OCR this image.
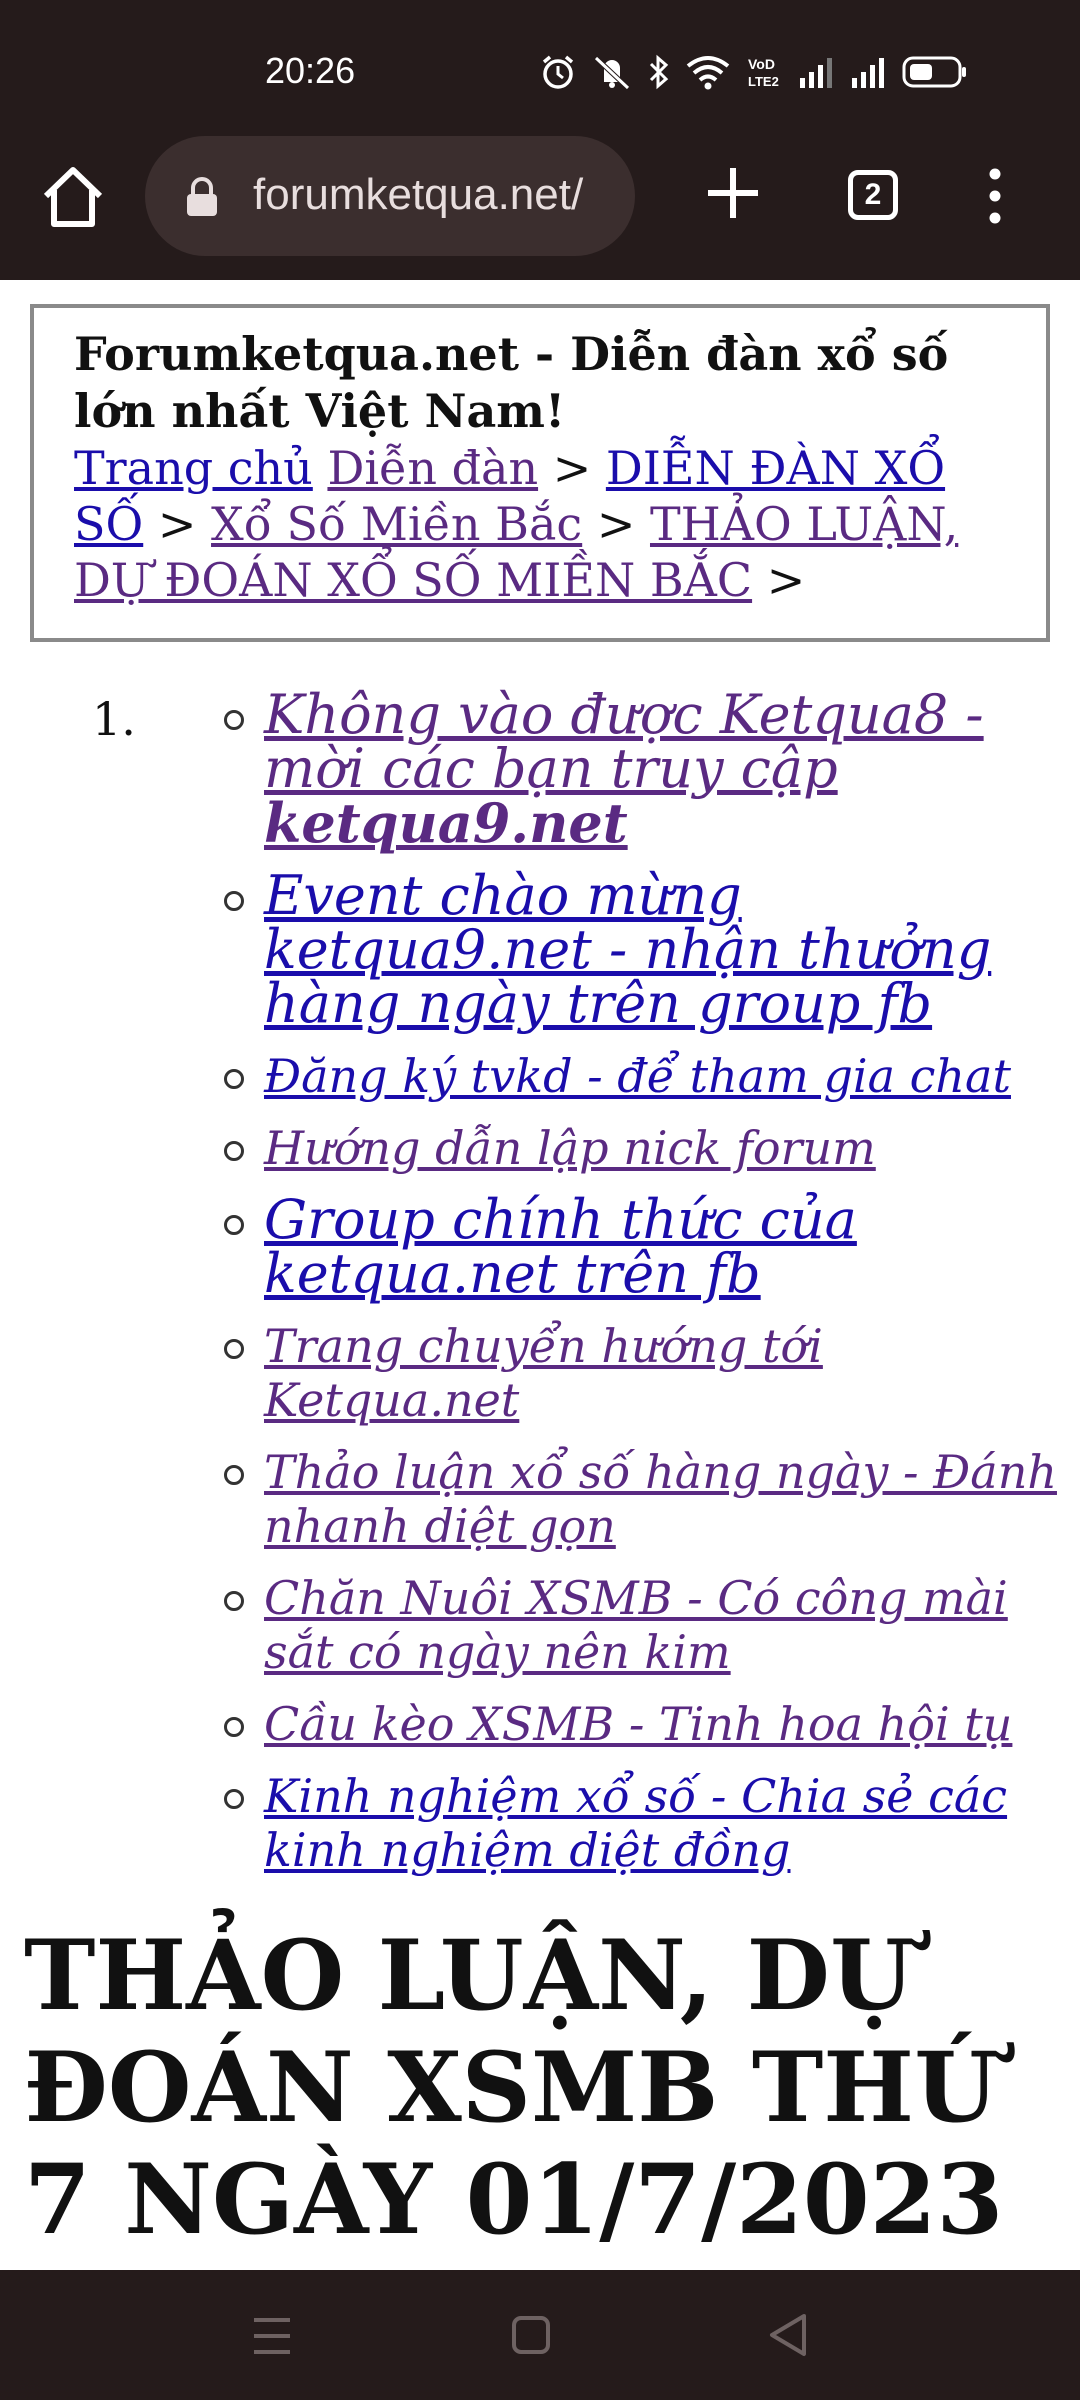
20:26	VoD
LTE2
forumketqua.net/	2

Forumketqua.net - Diễn đàn xổ số lớn nhất Việt Nam!

Trang chủ Diễn đàn > DIỄN ĐÀN XỔ SỐ > Xổ Số Miền Bắc > THẢO LUẬN, DỰ ĐOÁN XỔ SỐ MIỀN BẮC >
1. Không vào được Ketqua8 - mời các bạn truy cập ketqua9.net
Event chào mừng ketqua9.net - nhận thưởng hàng ngày trên group fb
Đăng ký tvkd - để tham gia chat
Hướng dẫn lập nick forum
Group chính thức của ketqua.net trên fb
Trang chuyển hướng tới Ketqua.net
Thảo luận xổ số hàng ngày - Đánh nhanh diệt gọn
Chăn Nuôi XSMB - Có công mài sắt có ngày nên kim
Cầu kèo XSMB - Tinh hoa hội tụ
Kinh nghiệm xổ số - Chia sẻ các kinh nghiệm diệt đồng
THẢO LUẬN, DỰ ĐOÁN XSMB THỨ 7 NGÀY 01/7/2023
